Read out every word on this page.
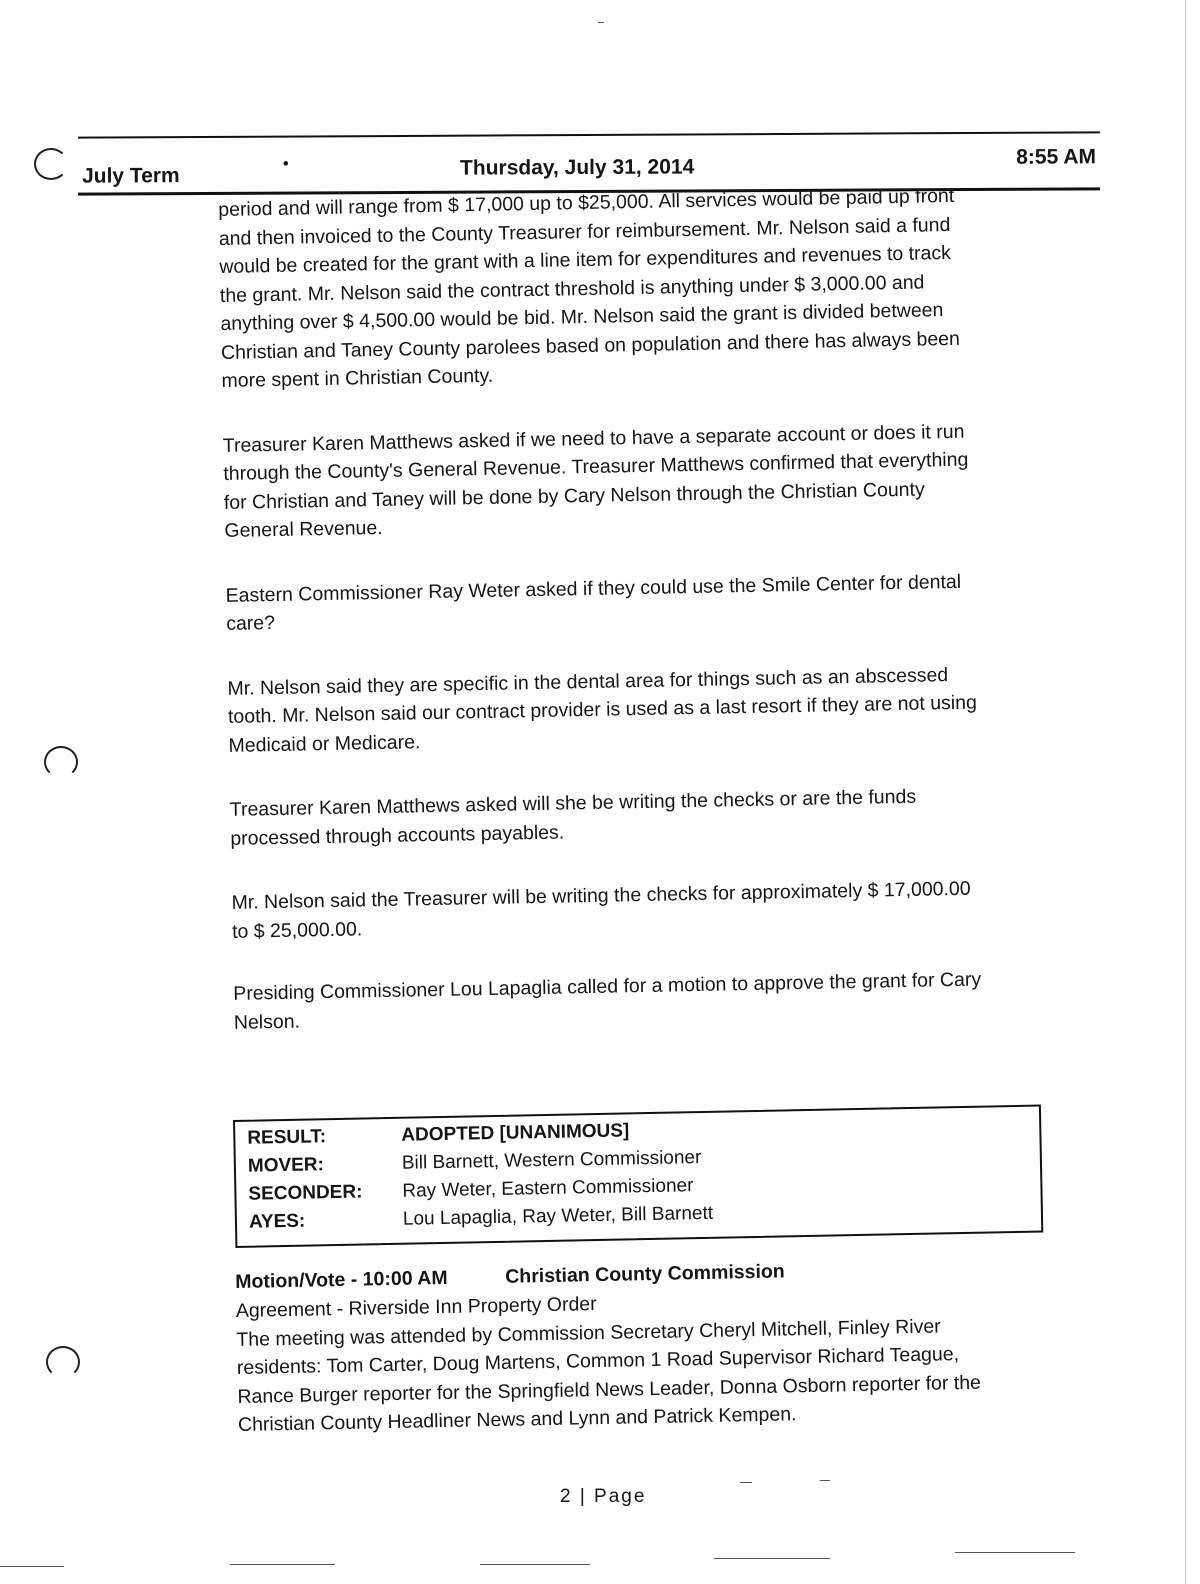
July Term
•	Thursday, July 31, 2014	8:55 AM

period and will range from $ 17,000 up to $25,000. All services would be paid up front

and then invoiced to the County Treasurer for reimbursement. Mr. Nelson said a fund

would be created for the grant with a line item for expenditures and revenues to track

the grant. Mr. Nelson said the contract threshold is anything under $ 3,000.00 and

anything over $ 4,500.00 would be bid. Mr. Nelson said the grant is divided between

Christian and Taney County parolees based on population and there has always been

more spent in Christian County.

Treasurer Karen Matthews asked if we need to have a separate account or does it run

through the County's General Revenue. Treasurer Matthews confirmed that everything

for Christian and Taney will be done by Cary Nelson through the Christian County

General Revenue.

Eastern Commissioner Ray Weter asked if they could use the Smile Center for dental

care?

Mr. Nelson said they are specific in the dental area for things such as an abscessed

tooth. Mr. Nelson said our contract provider is used as a last resort if they are not using

Medicaid or Medicare.

Treasurer Karen Matthews asked will she be writing the checks or are the funds

processed through accounts payables.

Mr. Nelson said the Treasurer will be writing the checks for approximately $ 17,000.00

to $ 25,000.00.

Presiding Commissioner Lou Lapaglia called for a motion to approve the grant for Cary

Nelson.

RESULT:	ADOPTED [UNANIMOUS]
MOVER:	Bill Barnett, Western Commissioner
SECONDER: Ray Weter, Eastern Commissioner
AYES:	Lou Lapaglia, Ray Weter, Bill Barnett
Motion/Vote - 10:00 AM	Christian County Commission

Agreement - Riverside Inn Property Order

The meeting was attended by Commission Secretary Cheryl Mitchell, Finley River

residents: Tom Carter, Doug Martens, Common 1 Road Supervisor Richard Teague,

Rance Burger reporter for the Springfield News Leader, Donna Osborn reporter for the

Christian County Headliner News and Lynn and Patrick Kempen.

2 | Page
